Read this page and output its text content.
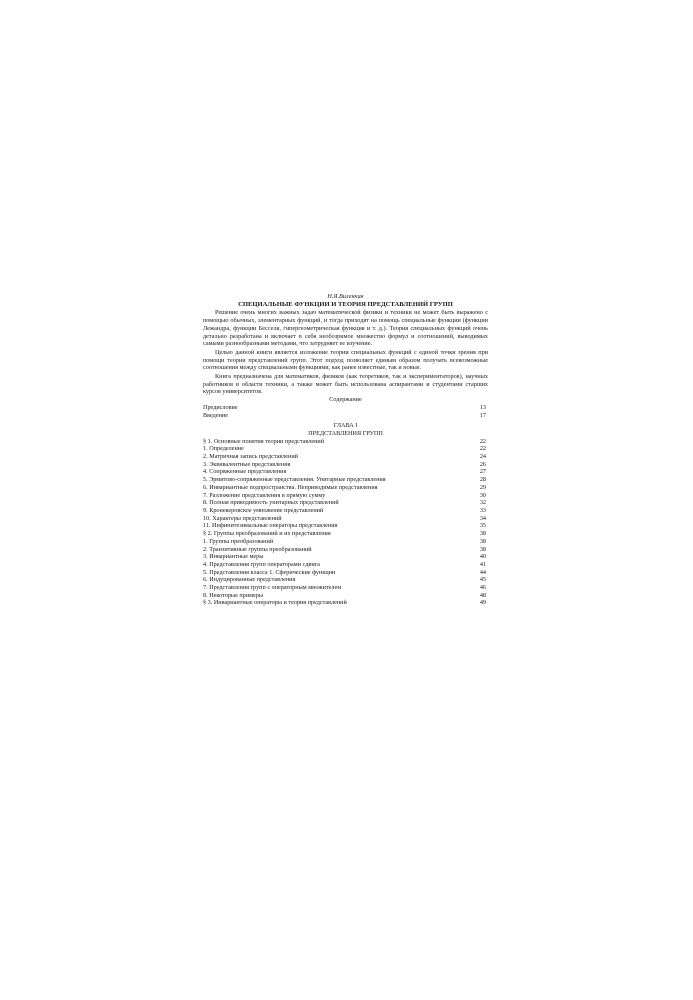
Н.Я.Виленкин
СПЕЦИАЛЬНЫЕ ФУНКЦИИ И ТЕОРИЯ ПРЕДСТАВЛЕНИЙ ГРУПП

Решение очень многих важных задач математической физики и техники не может быть выражено с помощью обычных, элементарных функций, и тогда приходят на помощь специальные функции (функции Лежандра, функции Бесселя, гипергеометрическая функция и т. д.). Теория специальных функций очень детально разработана и включает в себя необозримое множество формул и соотношений, выводимых самыми разнообразными методами, что затрудняет ее изучение.

Целью данной книги является изложение теории специальных функций с единой точки зрения при помощи теории представлений групп. Этот подход позволяет единым образом получать всевозможные соотношения между специальными функциями, как ранее известные, так и новые.

Книга предназначена для математиков, физиков (как теоретиков, так и экспериментаторов), научных работников в области техники, а также может быть использована аспирантами и студентами старших курсов университетов.

Содержание
Предисловие	13
Введение	17
ГЛАВА I
ПРЕДСТАВЛЕНИЯ ГРУПП
§ 1. Основные понятия теории представлений	22
1. Определение	22
2. Матричная запись представлений	24
3. Эквивалентные представления	26
4. Сопряженные представления	27
5. Эрмитово-сопряженные представления. Унитарные представления	28
6. Инвариантные подпространства. Неприводимые представления	29
7. Разложение представления в прямую сумму	30
8. Полная приводимость унитарных представлений	32
9. Кронекеровское умножение представлений	33
10. Характеры представлений	34
11. Инфинитезимальные операторы представления	35
§ 2. Группы преобразований и их представления	38
1. Группы преобразований	38
2. Транзитивные группы преобразований	38
3. Инвариантные меры	40
4. Представления групп операторами сдвига	41
5. Представления класса 1. Сферические функции	44
6. Индуцированные представления	45
7. Представления групп с операторным множителем	46
8. Некоторые примеры	48
§ 3. Инвариантные операторы и теория представлений	49
